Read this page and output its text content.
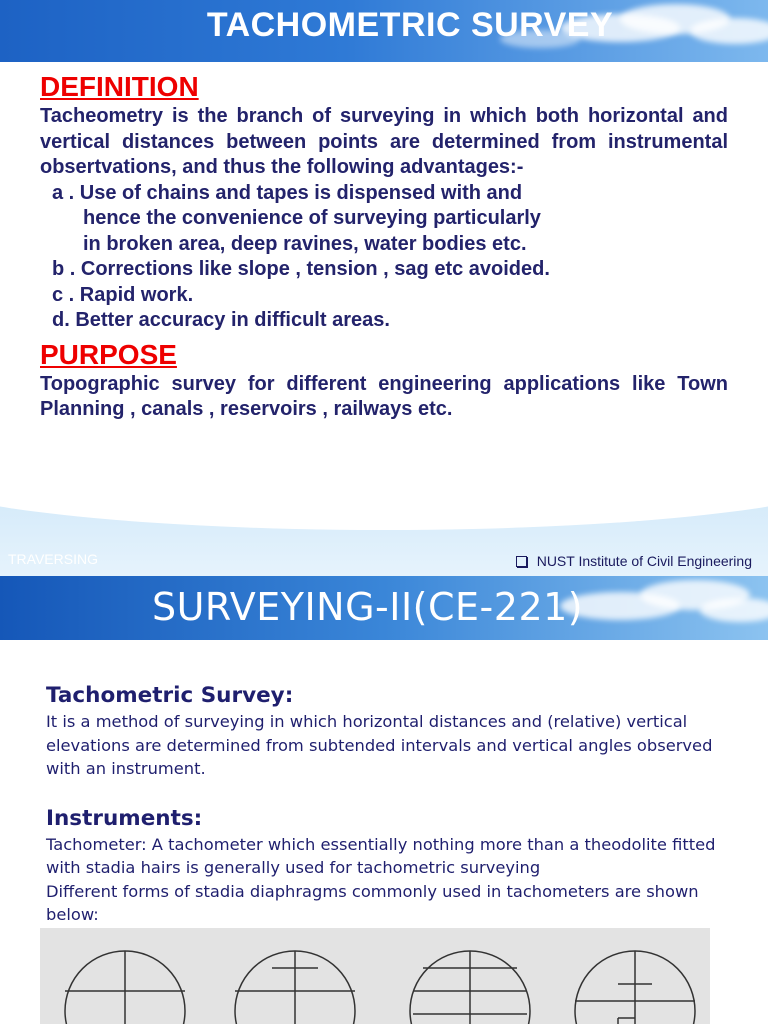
TACHOMETRIC SURVEY
DEFINITION

Tacheometry is the branch of surveying in which both horizontal and vertical distances between points are determined from instrumental obsertvations, and thus the following advantages:-

a . Use of chains and tapes is dispensed with and

hence the convenience of surveying particularly

in broken area, deep ravines, water bodies etc.

b . Corrections like slope , tension , sag etc avoided.

c . Rapid work.

d. Better accuracy in difficult areas.

PURPOSE

Topographic survey for different engineering applications like Town Planning , canals , reservoirs , railways etc.

TRAVERSING	NUST Institute of Civil Engineering
SURVEYING-II(CE-221)

Tachometric Survey:

It is a method of surveying in which horizontal distances and (relative) vertical elevations are determined from subtended intervals and vertical angles observed with an instrument.

Instruments:

Tachometer: A tachometer which essentially nothing more than a theodolite fitted with stadia hairs is generally used for tachometric surveying

Different forms of stadia diaphragms commonly used in tachometers are shown below:
